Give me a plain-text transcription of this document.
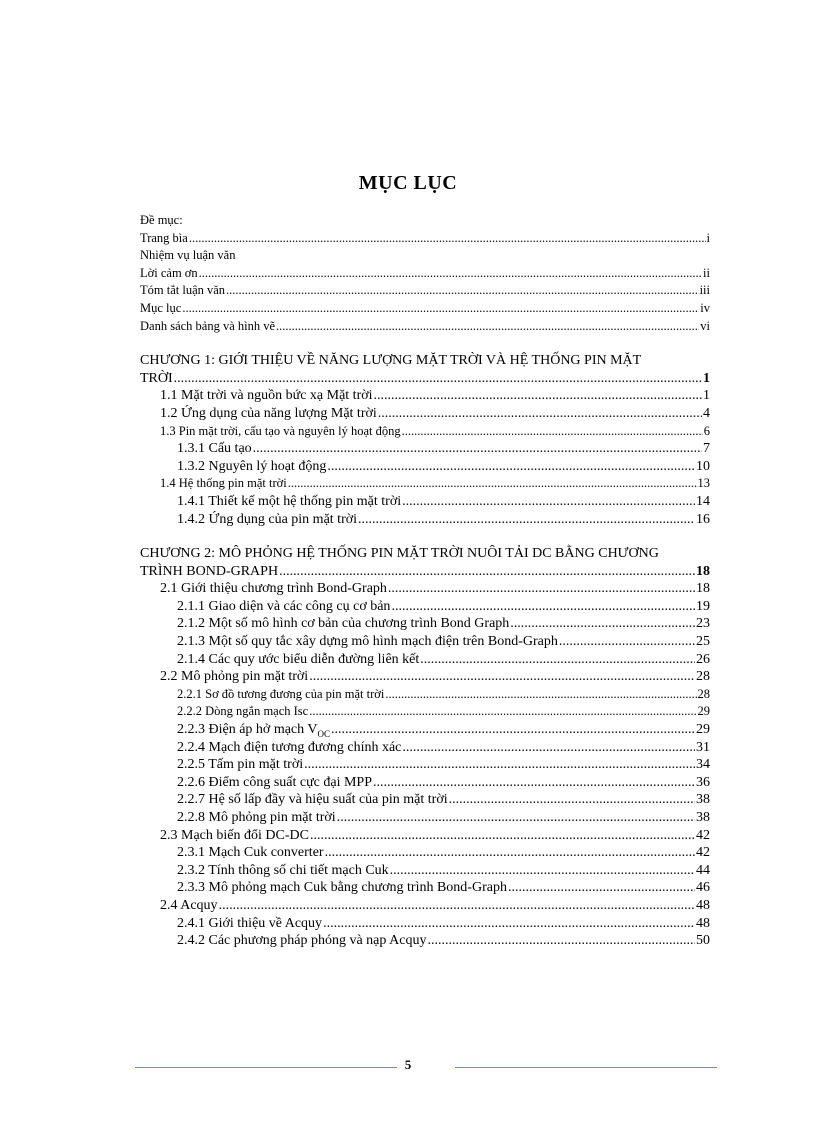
MỤC LỤC
Đề mục:
Trang bìa .....	i
Nhiệm vụ luận văn
Lời cảm ơn .....	ii
Tóm tắt luận văn .....	iii
Mục lục .....	iv
Danh sách bảng và hình vẽ .....	vi
CHƯƠNG 1: GIỚI THIỆU VỀ NĂNG LƯỢNG MẶT TRỜI VÀ HỆ THỐNG PIN MẶT
TRỜI .....	1
1.1 Mặt trời và nguồn bức xạ Mặt trời .....	1
1.2 Ứng dụng của năng lượng Mặt trời .....	4
1.3 Pin mặt trời, cấu tạo và nguyên lý hoạt động .....	6
1.3.1 Cấu tạo .....	7
1.3.2 Nguyên lý hoạt động .....	10
1.4 Hệ thống pin mặt trời .....	13
1.4.1 Thiết kế một hệ thống pin mặt trời .....	14
1.4.2 Ứng dụng của pin mặt trời .....	16
CHƯƠNG 2: MÔ PHỎNG HỆ THỐNG PIN MẶT TRỜI NUÔI TẢI DC BẰNG CHƯƠNG
TRÌNH BOND-GRAPH .....	18
2.1 Giới thiệu chương trình Bond-Graph .....	18
2.1.1 Giao diện và các công cụ cơ bản .....	19
2.1.2 Một số mô hình cơ bản của chương trình Bond Graph .....	23
2.1.3 Một số quy tắc xây dựng mô hình mạch điện trên Bond-Graph .....	25
2.1.4 Các quy ước biểu diễn đường liên kết .....	26
2.2 Mô phỏng pin mặt trời .....	28
2.2.1 Sơ đồ tương đương của pin mặt trời .....	28
2.2.2 Dòng ngắn mạch Isc .....	29
2.2.3 Điện áp hở mạch $V_{OC}$ .....	29
2.2.4 Mạch điện tương đương chính xác .....	31
2.2.5 Tấm pin mặt trời .....	34
2.2.6 Điểm công suất cực đại MPP .....	36
2.2.7 Hệ số lấp đầy và hiệu suất của pin mặt trời .....	38
2.2.8 Mô phỏng pin mặt trời .....	38
2.3 Mạch biến đổi DC-DC .....	42
2.3.1 Mạch Cuk converter .....	42
2.3.2 Tính thông số chi tiết mạch Cuk .....	44
2.3.3 Mô phỏng mạch Cuk bằng chương trình Bond-Graph .....	46
2.4 Acquy .....	48
2.4.1 Giới thiệu về Acquy .....	48
2.4.2 Các phương pháp phóng và nạp Acquy .....	50
5
